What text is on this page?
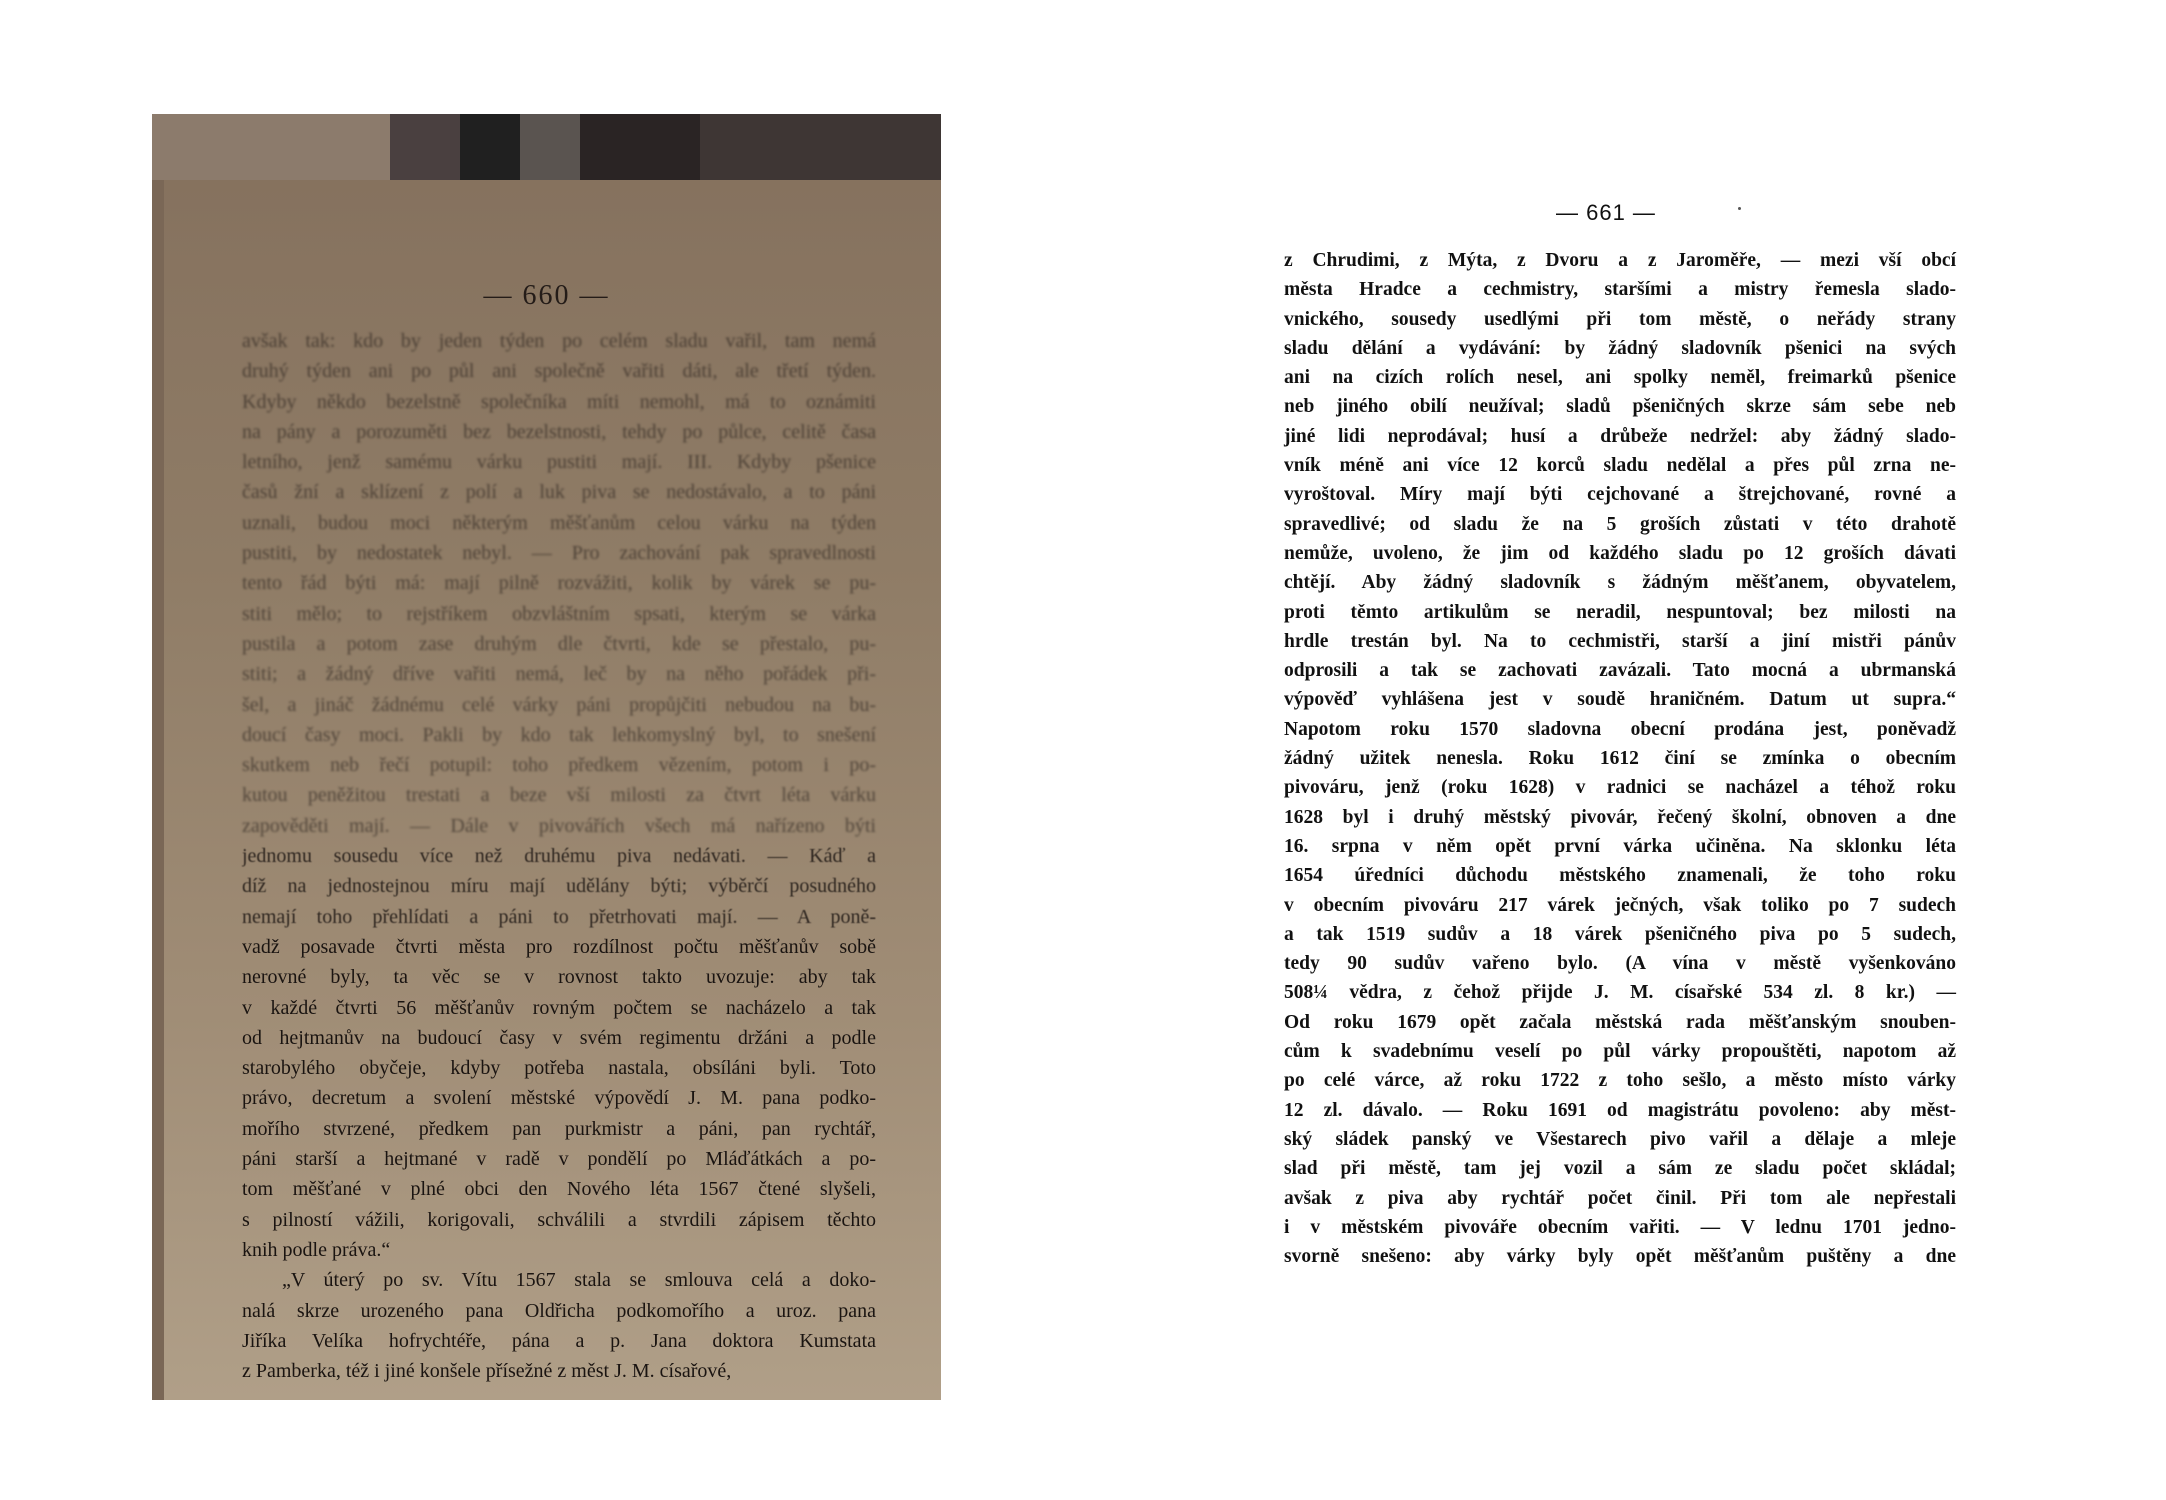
— 660 —
avšak tak: kdo by jeden týden po celém sladu vařil, tam nemá
druhý týden ani po půl ani společně vařiti dáti, ale třetí týden.
Kdyby někdo bezelstně společníka míti nemohl, má to oznámiti
na pány a porozuměti bez bezelstnosti, tehdy po půlce, celitě časa
letního, jenž samému várku pustiti mají. III. Kdyby pšenice
časů žní a sklízení z polí a luk piva se nedostávalo, a to páni
uznali, budou moci některým měšťanům celou várku na týden
pustiti, by nedostatek nebyl. — Pro zachování pak spravedlnosti
tento řád býti má: mají pilně rozvážiti, kolik by várek se pu-
stiti mělo; to rejstříkem obzvláštním spsati, kterým se várka
pustila a potom zase druhým dle čtvrti, kde se přestalo, pu-
stiti; a žádný dříve vařiti nemá, leč by na něho pořádek při-
šel, a jináč žádnému celé várky páni propůjčiti nebudou na bu-
doucí časy moci. Pakli by kdo tak lehkomyslný byl, to snešení
skutkem neb řečí potupil: toho předkem vězením, potom i po-
kutou peněžitou trestati a beze vší milosti za čtvrt léta várku
zapověděti mají. — Dále v pivovářích všech má nařízeno býti
jednomu sousedu více než druhému piva nedávati. — Káď a
díž na jednostejnou míru mají udělány býti; výběrčí posudného
nemají toho přehlídati a páni to přetrhovati mají. — A poně-
vadž posavade čtvrti města pro rozdílnost počtu měšťanův sobě
nerovné byly, ta věc se v rovnost takto uvozuje: aby tak
v každé čtvrti 56 měšťanův rovným počtem se nacházelo a tak
od hejtmanův na budoucí časy v svém regimentu držáni a podle
starobylého obyčeje, kdyby potřeba nastala, obsíláni byli. Toto
právo, decretum a svolení městské výpovědí J. M. pana podko-
mořího stvrzené, předkem pan purkmistr a páni, pan rychtář,
páni starší a hejtmané v radě v pondělí po Mláďátkách a po-
tom měšťané v plné obci den Nového léta 1567 čtené slyšeli,
s pilností vážili, korigovali, schválili a stvrdili zápisem těchto
knih podle práva.“
„V úterý po sv. Vítu 1567 stala se smlouva celá a doko-
nalá skrze urozeného pana Oldřicha podkomořího a uroz. pana
Jiříka Velíka hofrychtéře, pána a p. Jana doktora Kumstata
z Pamberka, též i jiné konšele přísežné z měst J. M. císařové,
— 661 —
z Chrudimi, z Mýta, z Dvoru a z Jaroměře, — mezi vší obcí
města Hradce a cechmistry, staršími a mistry řemesla slado-
vnického, sousedy usedlými při tom městě, o neřády strany
sladu dělání a vydávání: by žádný sladovník pšenici na svých
ani na cizích rolích nesel, ani spolky neměl, freimarků pšenice
neb jiného obilí neužíval; sladů pšeničných skrze sám sebe neb
jiné lidi neprodával; husí a drůbeže nedržel: aby žádný slado-
vník méně ani více 12 korců sladu nedělal a přes půl zrna ne-
vyroštoval. Míry mají býti cejchované a štrejchované, rovné a
spravedlivé; od sladu že na 5 groších zůstati v této drahotě
nemůže, uvoleno, že jim od každého sladu po 12 groších dávati
chtějí. Aby žádný sladovník s žádným měšťanem, obyvatelem,
proti těmto artikulům se neradil, nespuntoval; bez milosti na
hrdle trestán byl. Na to cechmistři, starší a jiní mistři pánův
odprosili a tak se zachovati zavázali. Tato mocná a ubrmanská
výpověď vyhlášena jest v soudě hraničném. Datum ut supra.“
Napotom roku 1570 sladovna obecní prodána jest, poněvadž
žádný užitek nenesla. Roku 1612 činí se zmínka o obecním
pivováru, jenž (roku 1628) v radnici se nacházel a téhož roku
1628 byl i druhý městský pivovár, řečený školní, obnoven a dne
16. srpna v něm opět první várka učiněna. Na sklonku léta
1654 úředníci důchodu městského znamenali, že toho roku
v obecním pivováru 217 várek ječných, však toliko po 7 sudech
a tak 1519 sudův a 18 várek pšeničného piva po 5 sudech,
tedy 90 sudův vařeno bylo. (A vína v městě vyšenkováno
508¼ vědra, z čehož přijde J. M. císařské 534 zl. 8 kr.) —
Od roku 1679 opět začala městská rada měšťanským snouben-
cům k svadebnímu veselí po půl várky propouštěti, napotom až
po celé várce, až roku 1722 z toho sešlo, a město místo várky
12 zl. dávalo. — Roku 1691 od magistrátu povoleno: aby měst-
ský sládek panský ve Všestarech pivo vařil a dělaje a mleje
slad při městě, tam jej vozil a sám ze sladu počet skládal;
avšak z piva aby rychtář počet činil. Při tom ale nepřestali
i v městském pivováře obecním vařiti. — V lednu 1701 jedno-
svorně snešeno: aby várky byly opět měšťanům puštěny a dne
